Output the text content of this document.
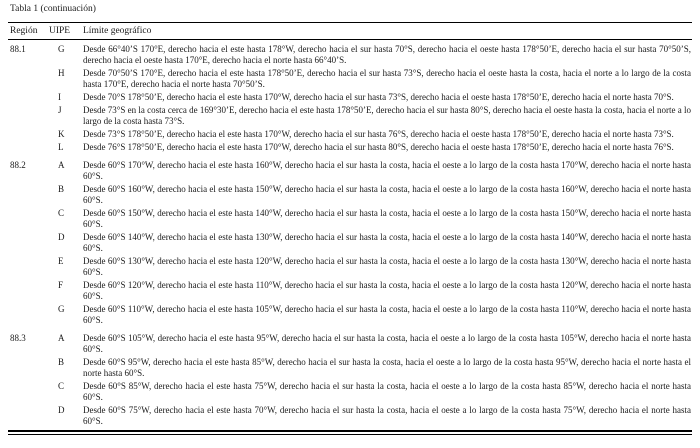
Tabla 1 (continuación)
Región	UIPE	Límite geográfico
88.1	G	Desde 66°40’S 170°E, derecho hacia el este hasta 178°W, derecho hacia el sur hasta 70°S, derecho hacia el oeste hasta 178°50’E, derecho hacia el sur hasta 70°50’S, derecho hacia el oeste hasta 170°E, derecho hacia el norte hasta 66°40’S.
H	Desde 70°50’S 170°E, derecho hacia el este hasta 178°50’E, derecho hacia el sur hasta 73°S, derecho hacia el oeste hasta la costa, hacia el norte a lo largo de la costa hasta 170°E, derecho hacia el norte hasta 70°50’S.
I	Desde 70°S 178°50’E, derecho hacia el este hasta 170°W, derecho hacia el sur hasta 73°S, derecho hacia el oeste hasta 178°50’E, derecho hacia el norte hasta 70°S.
J	Desde 73°S en la costa cerca de 169°30’E, derecho hacia el este hasta 178°50’E, derecho hacia el sur hasta 80°S, derecho hacia el oeste hasta la costa, hacia el norte a lo largo de la costa hasta 73°S.
K	Desde 73°S 178°50’E, derecho hacia el este hasta 170°W, derecho hacia el sur hasta 76°S, derecho hacia el oeste hasta 178°50’E, derecho hacia el norte hasta 73°S.
L	Desde 76°S 178°50’E, derecho hacia el este hasta 170°W, derecho hacia el sur hasta 80°S, derecho hacia el oeste hasta 178°50’E, derecho hacia el norte hasta 76°S.
88.2	A	Desde 60°S 170°W, derecho hacia el este hasta 160°W, derecho hacia el sur hasta la costa, hacia el oeste a lo largo de la costa hasta 170°W, derecho hacia el norte hasta 60°S.
B	Desde 60°S 160°W, derecho hacia el este hasta 150°W, derecho hacia el sur hasta la costa, hacia el oeste a lo largo de la costa hasta 160°W, derecho hacia el norte hasta 60°S.
C	Desde 60°S 150°W, derecho hacia el este hasta 140°W, derecho hacia el sur hasta la costa, hacia el oeste a lo largo de la costa hasta 150°W, derecho hacia el norte hasta 60°S.
D	Desde 60°S 140°W, derecho hacia el este hasta 130°W, derecho hacia el sur hasta la costa, hacia el oeste a lo largo de la costa hasta 140°W, derecho hacia el norte hasta 60°S.
E	Desde 60°S 130°W, derecho hacia el este hasta 120°W, derecho hacia el sur hasta la costa, hacia el oeste a lo largo de la costa hasta 130°W, derecho hacia el norte hasta 60°S.
F	Desde 60°S 120°W, derecho hacia el este hasta 110°W, derecho hacia el sur hasta la costa, hacia el oeste a lo largo de la costa hasta 120°W, derecho hacia el norte hasta 60°S.
G	Desde 60°S 110°W, derecho hacia el este hasta 105°W, derecho hacia el sur hasta la costa, hacia el oeste a lo largo de la costa hasta 110°W, derecho hacia el norte hasta 60°S.
88.3	A	Desde 60°S 105°W, derecho hacia el este hasta 95°W, derecho hacia el sur hasta la costa, hacia el oeste a lo largo de la costa hasta 105°W, derecho hacia el norte hasta 60°S.
B	Desde 60°S 95°W, derecho hacia el este hasta 85°W, derecho hacia el sur hasta la costa, hacia el oeste a lo largo de la costa hasta 95°W, derecho hacia el norte hasta el norte hasta 60°S.
C	Desde 60°S 85°W, derecho hacia el este hasta 75°W, derecho hacia el sur hasta la costa, hacia el oeste a lo largo de la costa hasta 85°W, derecho hacia el norte hasta 60°S.
D	Desde 60°S 75°W, derecho hacia el este hasta 70°W, derecho hacia el sur hasta la costa, hacia el oeste a lo largo de la costa hasta 75°W, derecho hacia el norte hasta 60°S.
